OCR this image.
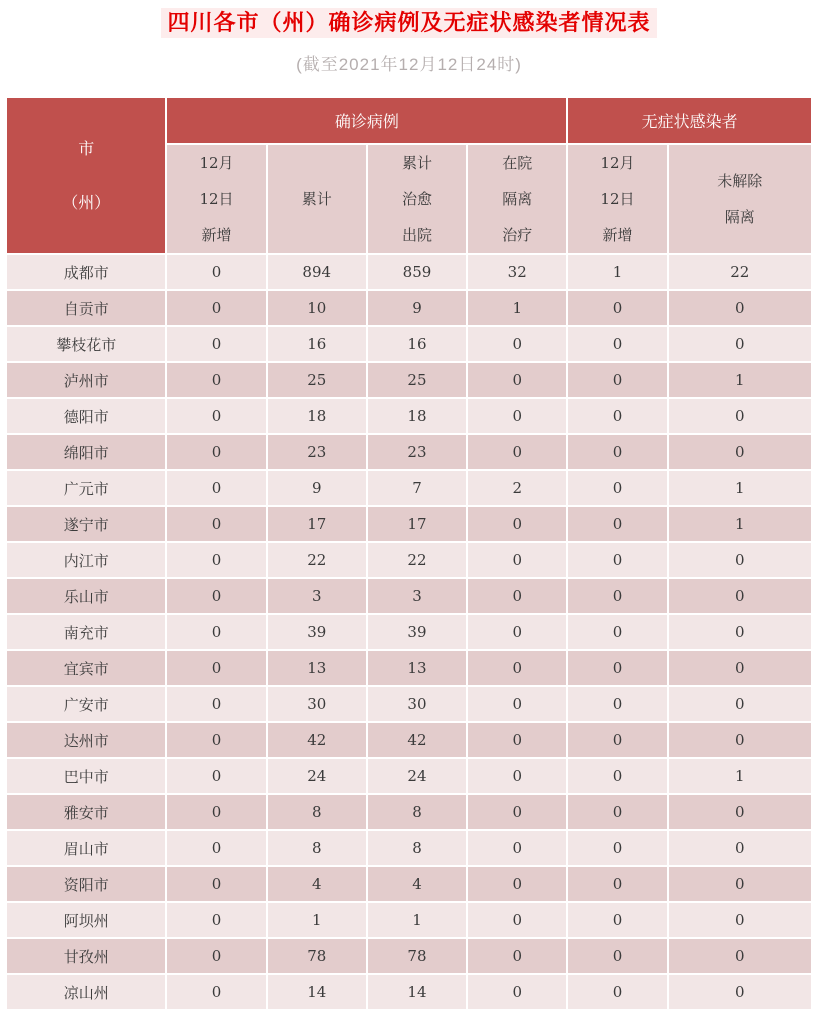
四川各市（州）确诊病例及无症状感染者情况表
(截至2021年12月12日24时)
市
（州）	确诊病例				无症状感染者	

12月
12日
新增

累计

累计
治愈
出院

在院
隔离
治疗

12月
12日
新增

未解除
隔离

成都市	0	894	859	32	1	22
自贡市	0	10	9	1	0	0
攀枝花市	0	16	16	0	0	0
泸州市	0	25	25	0	0	1
德阳市	0	18	18	0	0	0
绵阳市	0	23	23	0	0	0
广元市	0	9	7	2	0	1
遂宁市	0	17	17	0	0	1
内江市	0	22	22	0	0	0
乐山市	0	3	3	0	0	0
南充市	0	39	39	0	0	0
宜宾市	0	13	13	0	0	0
广安市	0	30	30	0	0	0
达州市	0	42	42	0	0	0
巴中市	0	24	24	0	0	1
雅安市	0	8	8	0	0	0
眉山市	0	8	8	0	0	0
资阳市	0	4	4	0	0	0
阿坝州	0	1	1	0	0	0
甘孜州	0	78	78	0	0	0
凉山州	0	14	14	0	0	0
